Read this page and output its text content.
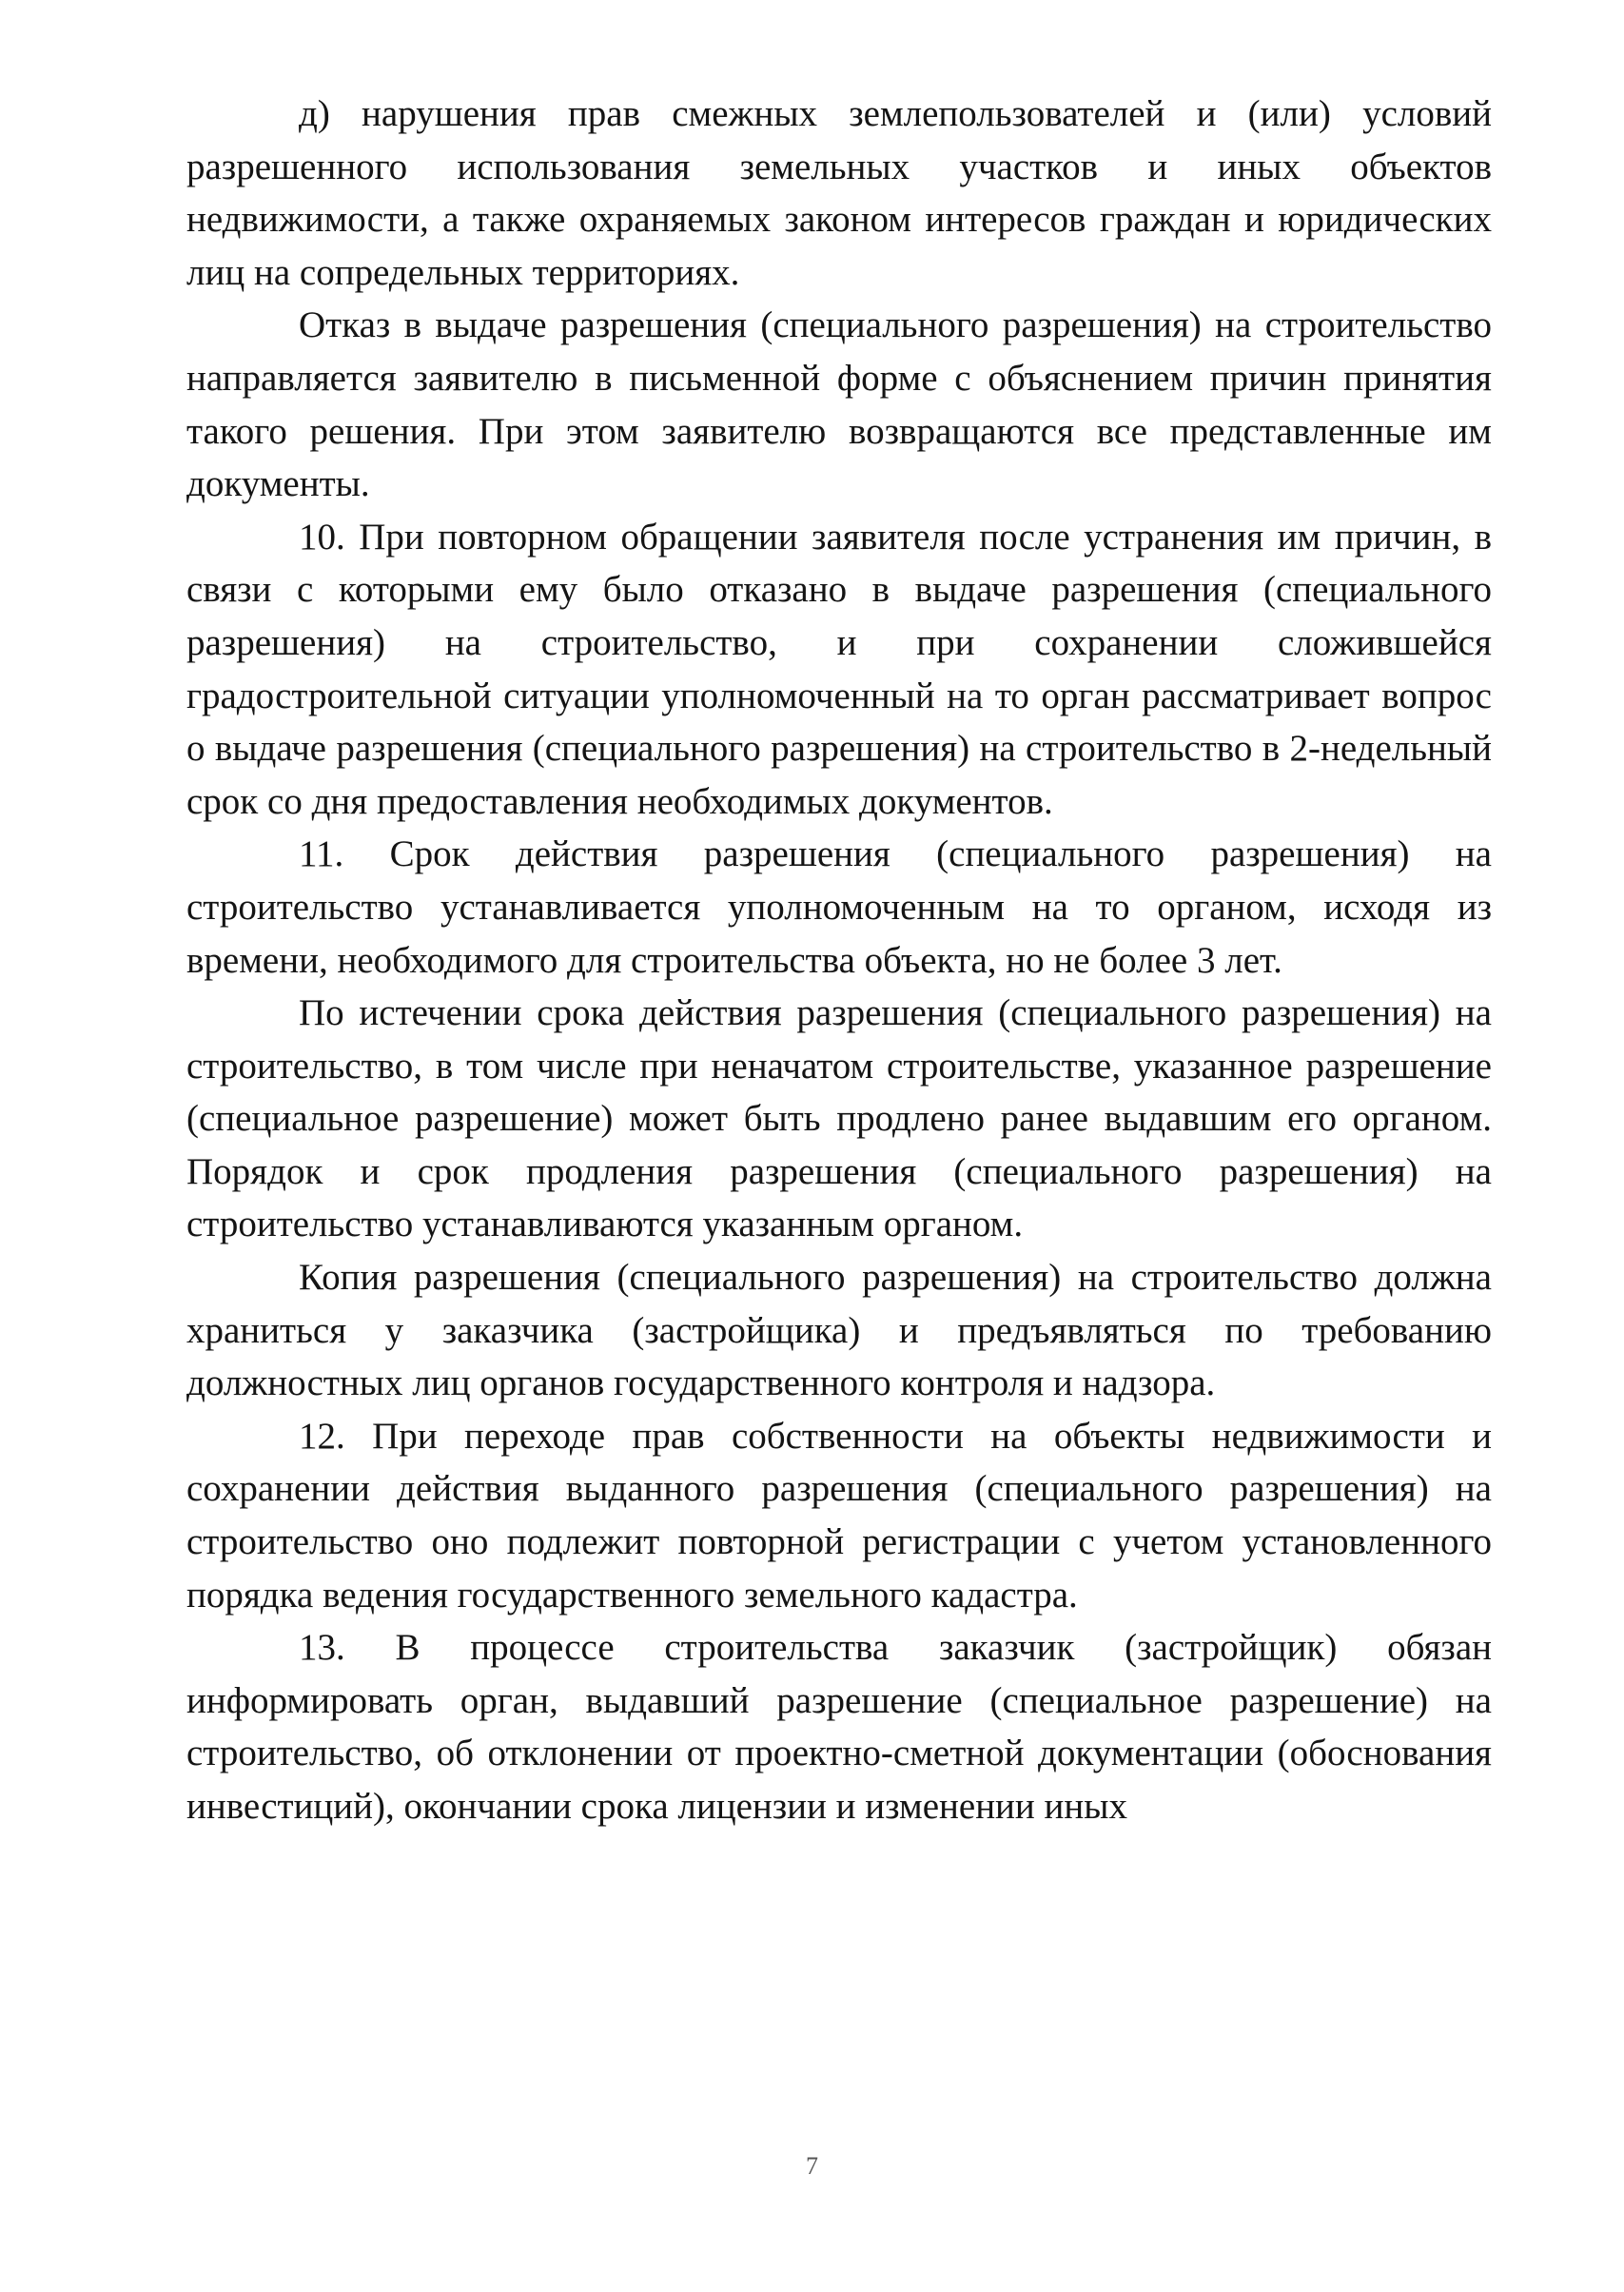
д) нарушения прав смежных землепользователей и (или) условий разрешенного использования земельных участков и иных объектов недвижимости, а также охраняемых законом интересов граждан и юридических лиц на сопредельных территориях.

Отказ в выдаче разрешения (специального разрешения) на строительство направляется заявителю в письменной форме с объяснением причин принятия такого решения. При этом заявителю возвращаются все представленные им документы.

10. При повторном обращении заявителя после устранения им причин, в связи с которыми ему было отказано в выдаче разрешения (специального разрешения) на строительство, и при сохранении сложившейся градостроительной ситуации уполномоченный на то орган рассматривает вопрос о выдаче разрешения (специального разрешения) на строительство в 2-недельный срок со дня предоставления необходимых документов.

11. Срок действия разрешения (специального разрешения) на строительство устанавливается уполномоченным на то органом, исходя из времени, необходимого для строительства объекта, но не более 3 лет.

По истечении срока действия разрешения (специального разрешения) на строительство, в том числе при неначатом строительстве, указанное разрешение (специальное разрешение) может быть продлено ранее выдавшим его органом. Порядок и срок продления разрешения (специального разрешения) на строительство устанавливаются указанным органом.

Копия разрешения (специального разрешения) на строительство должна храниться у заказчика (застройщика) и предъявляться по требованию должностных лиц органов государственного контроля и надзора.

12. При переходе прав собственности на объекты недвижимости и сохранении действия выданного разрешения (специального разрешения) на строительство оно подлежит повторной регистрации с учетом установленного порядка ведения государственного земельного кадастра.

13. В процессе строительства заказчик (застройщик) обязан информировать орган, выдавший разрешение (специальное разрешение) на строительство, об отклонении от проектно-сметной документации (обоснования инвестиций), окончании срока лицензии и изменении иных

7
